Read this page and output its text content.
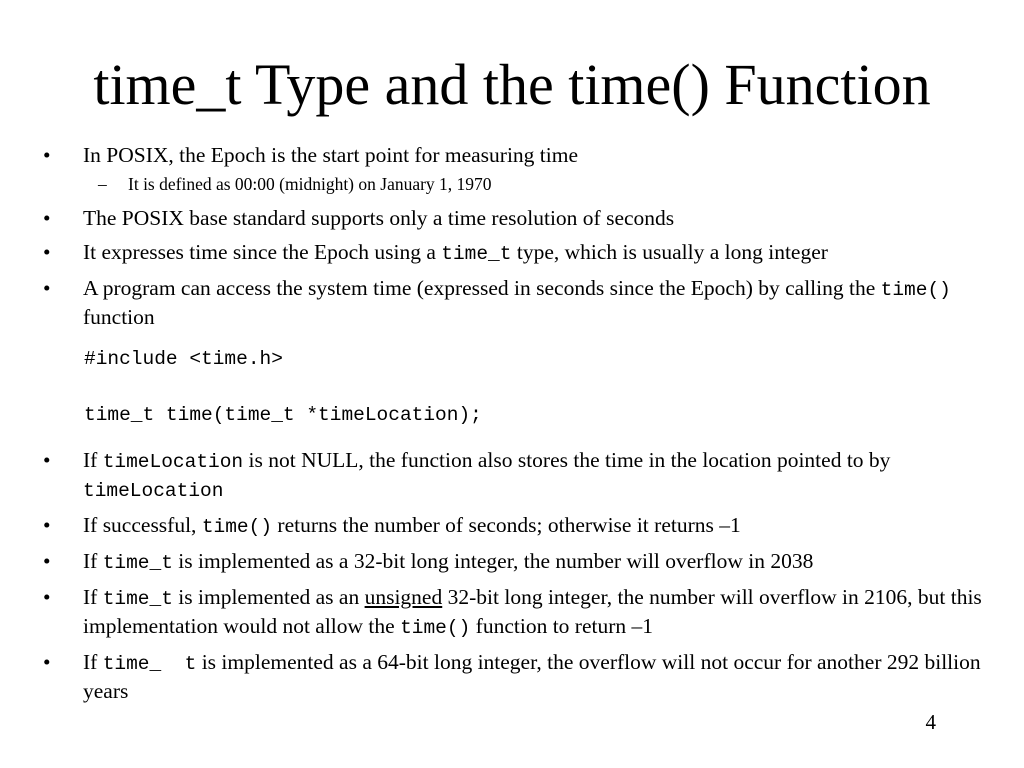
time_t Type and the time() Function
• In POSIX, the Epoch is the start point for measuring time
– It is defined as 00:00 (midnight) on January 1, 1970
• The POSIX base standard supports only a time resolution of seconds
• It expresses time since the Epoch using a time_t type, which is usually a long integer
• A program can access the system time (expressed in seconds since the Epoch) by calling the time() function
#include <time.h>
time_t time(time_t *timeLocation);
• If timeLocation is not NULL, the function also stores the time in the location pointed to by timeLocation
• If successful, time() returns the number of seconds; otherwise it returns –1
• If time_t is implemented as a 32-bit long integer, the number will overflow in 2038
• If time_t is implemented as an unsigned 32-bit long integer, the number will overflow in 2106, but this implementation would not allow the time() function to return –1
• If time_  t is implemented as a 64-bit long integer, the overflow will not occur for another 292 billion years
4
